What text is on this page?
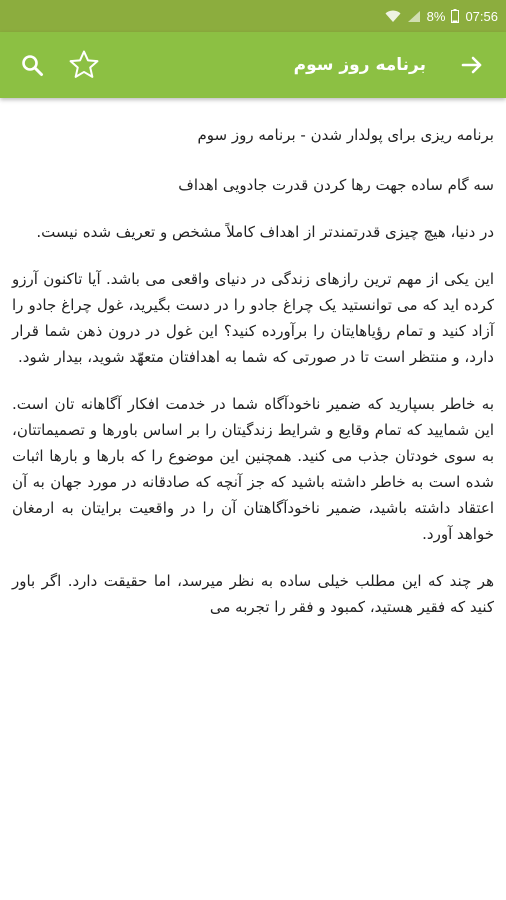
8% 07:56
برنامه روز سوم

برنامه ریزی برای پولدار شدن - برنامه روز سوم

سه گام ساده جهت رها کردن قدرت جادویی اهداف

در دنیا، هیچ چیزی قدرتمندتر از اهداف کاملاً مشخص و تعریف شده نیست.

این یکی از مهم ترین رازهای زندگی در دنیای واقعی می باشد. آیا تاکنون آرزو کرده اید که می توانستید یک چراغ جادو را در دست بگیرید، غول چراغ جادو را آزاد کنید و تمام رؤیاهایتان را برآورده کنید؟ این غول در درون ذهن شما قرار دارد، و منتظر است تا در صورتی که شما به اهدافتان متعهّد شوید، بیدار شود.

به خاطر بسپارید که ضمیر ناخودآگاه شما در خدمت افکار آگاهانه تان است. این شمایید که تمام وقایع و شرایط زندگیتان را بر اساس باورها و تصمیماتتان، به سوی خودتان جذب می کنید. همچنین این موضوع را که بارها و بارها اثبات شده است به خاطر داشته باشید که جز آنچه که صادقانه در مورد جهان به آن اعتقاد داشته باشید، ضمیر ناخودآگاهتان آن را در واقعیت برایتان به ارمغان خواهد آورد.

هر چند که این مطلب خیلی ساده به نظر میرسد، اما حقیقت دارد. اگر باور کنید که فقیر هستید، کمبود و فقر را تجربه می
